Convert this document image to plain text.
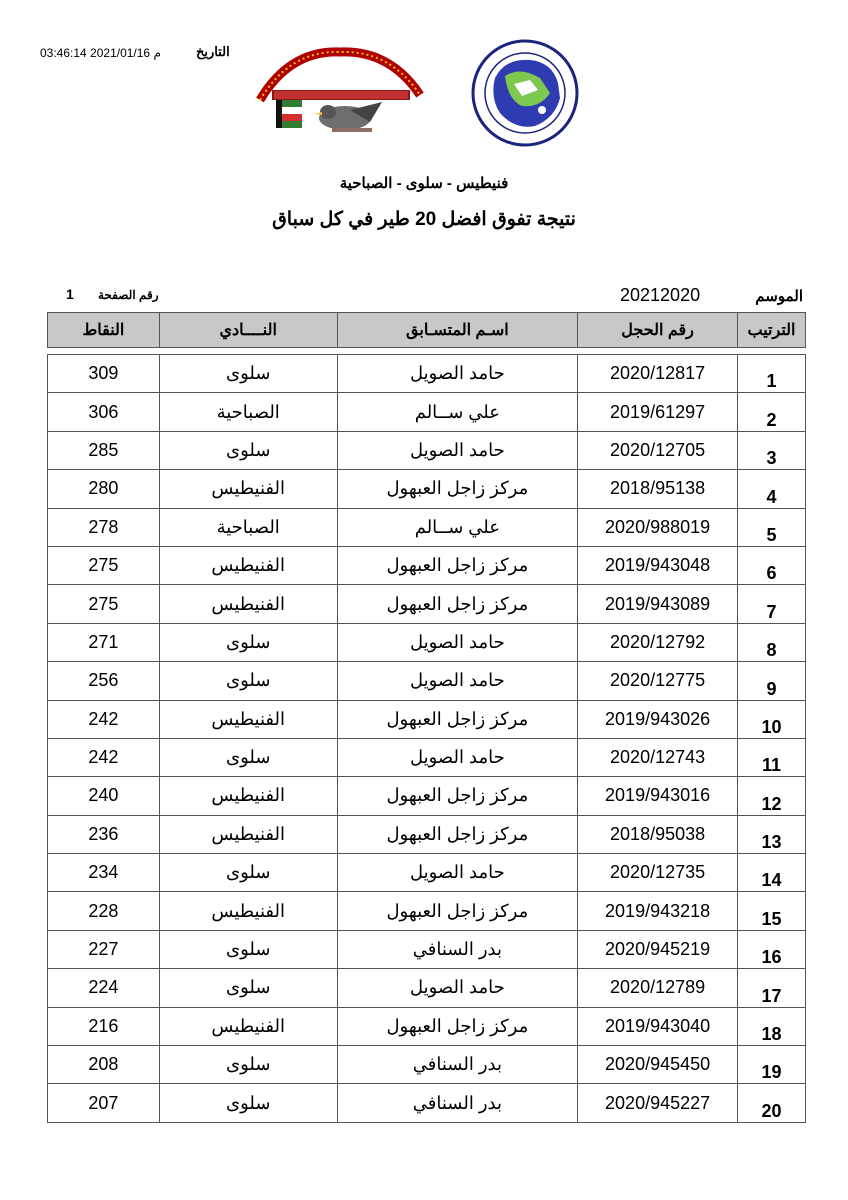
التاريخ
03:46:14 2021/01/16 م
فنيطيس - سلوى - الصباحية
نتيجة تفوق افضل 20 طير في كل سباق
الموسم
20212020
رقم الصفحة
1
النقاط	النــــادي	اسـم المتسـابق	رقم الحجل	الترتيب

309	سلوى	حامد الصويل	2020/12817	1
306	الصباحية	علي ســالم	2019/61297	2
285	سلوى	حامد الصويل	2020/12705	3
280	الفنيطيس	مركز زاجل العبهول	2018/95138	4
278	الصباحية	علي ســالم	2020/988019	5
275	الفنيطيس	مركز زاجل العبهول	2019/943048	6
275	الفنيطيس	مركز زاجل العبهول	2019/943089	7
271	سلوى	حامد الصويل	2020/12792	8
256	سلوى	حامد الصويل	2020/12775	9
242	الفنيطيس	مركز زاجل العبهول	2019/943026	10
242	سلوى	حامد الصويل	2020/12743	11
240	الفنيطيس	مركز زاجل العبهول	2019/943016	12
236	الفنيطيس	مركز زاجل العبهول	2018/95038	13
234	سلوى	حامد الصويل	2020/12735	14
228	الفنيطيس	مركز زاجل العبهول	2019/943218	15
227	سلوى	بدر السنافي	2020/945219	16
224	سلوى	حامد الصويل	2020/12789	17
216	الفنيطيس	مركز زاجل العبهول	2019/943040	18
208	سلوى	بدر السنافي	2020/945450	19
207	سلوى	بدر السنافي	2020/945227	20
